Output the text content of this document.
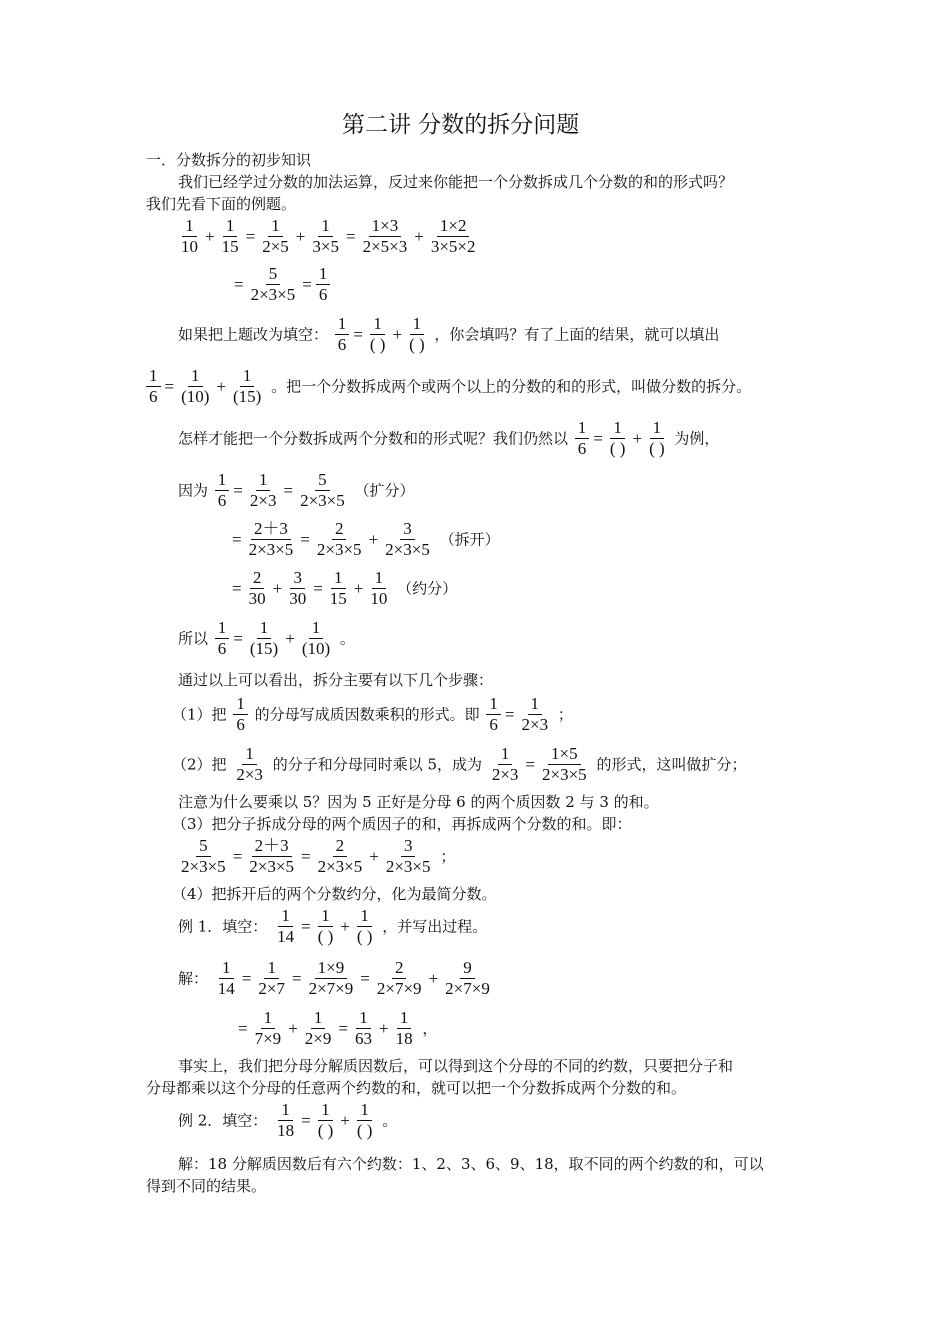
第二讲 分数的拆分问题
一．分数拆分的初步知识
我们已经学过分数的加法运算，反过来你能把一个分数拆成几个分数的和的形式吗？
我们先看下面的例题。
1
10
+ $\frac{1}{15} = \frac{1}{2\times 5} + \frac{1}{3\times 5} = \frac{1\times 3}{2\times 5\times 3} + \frac{1\times 2}{3\times 5\times 2}$
= $\frac{5}{2\times 3\times 5} = \frac{1}{6}$
如果把上题改为填空： $\frac{1}{6}$ =
1
( )
+
1
( )
，你会填吗？有了上面的结果，就可以填出
$\frac{1}{6} = \frac{1}{(10)} + \frac{1}{(15)}$ 。把一个分数拆成两个或两个以上的分数的和的形式，叫做分数的拆分。
怎样才能把一个分数拆成两个分数和的形式呢？我们仍然以 $\frac{1}{6}$ =
1
( )
+
1
( )
为例，
因为 $\frac{1}{6} = \frac{1}{2\times 3} = \frac{5}{2\times 3\times 5}$ （扩分）
= $\frac{2+3}{2\times 3\times 5} = \frac{2}{2\times 3\times 5} + \frac{3}{2\times 3\times 5}$ （拆开）
= $\frac{2}{30} + \frac{3}{30} = \frac{1}{15} + \frac{1}{10}$ （约分）
所以 $\frac{1}{6} = \frac{1}{(15)} + \frac{1}{(10)}$ 。
通过以上可以看出，拆分主要有以下几个步骤：
（1）把
1
6
的分母写成质因数乘积的形式。即 $\frac{1}{6} = \frac{1}{2\times 3}$ ；
（2）把
1
2×3
的分子和分母同时乘以 5，成为 $\frac{1}{2\times 3} = \frac{1\times 5}{2\times 3\times 5}$ 的形式，这叫做扩分；
注意为什么要乘以 5？因为 5 正好是分母 6 的两个质因数 2 与 3 的和。
（3）把分子拆成分母的两个质因子的和，再拆成两个分数的和。即：
$\frac{5}{2\times 3\times 5} = \frac{2+3}{2\times 3\times 5} = \frac{2}{2\times 3\times 5} + \frac{3}{2\times 3\times 5}$ ；
（4）把拆开后的两个分数约分，化为最简分数。
例 1．填空： $\frac{1}{14}$ =
1
( )
+
1
( )
，并写出过程。
解： $\frac{1}{14} = \frac{1}{2\times 7} = \frac{1\times 9}{2\times 7\times 9} = \frac{2}{2\times 7\times 9} + \frac{9}{2\times 7\times 9}$
= $\frac{1}{7\times 9} + \frac{1}{2\times 9} = \frac{1}{63} + \frac{1}{18}$ ，
事实上，我们把分母分解质因数后，可以得到这个分母的不同的约数，只要把分子和
分母都乘以这个分母的任意两个约数的和，就可以把一个分数拆成两个分数的和。
例 2．填空： $\frac{1}{18}$ =
1
( )
+
1
( )
。
解：18 分解质因数后有六个约数：1、2、3、6、9、18，取不同的两个约数的和，可以
得到不同的结果。
